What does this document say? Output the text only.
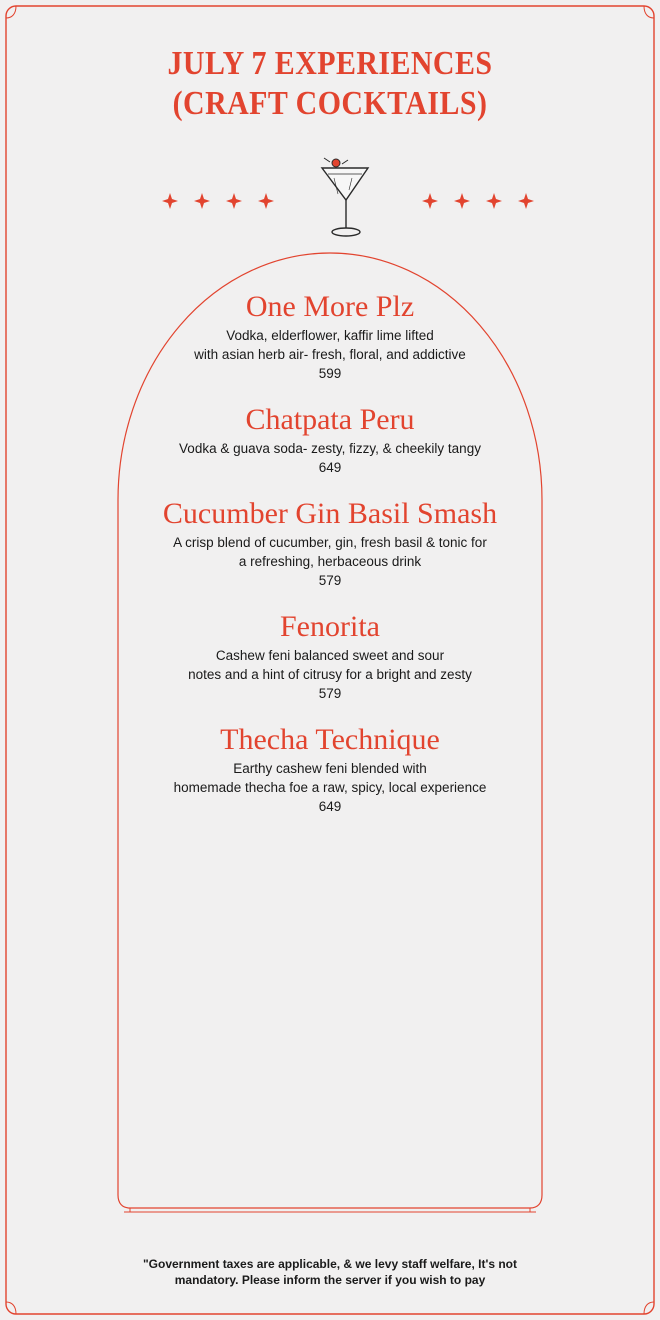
JULY 7 EXPERIENCES
(CRAFT COCKTAILS)
One More Plz
Vodka, elderflower, kaffir lime lifted
with asian herb air- fresh, floral, and addictive
599
Chatpata Peru
Vodka & guava soda- zesty, fizzy, & cheekily tangy
649
Cucumber Gin Basil Smash
A crisp blend of cucumber, gin, fresh basil & tonic for
a refreshing, herbaceous drink
579
Fenorita
Cashew feni balanced sweet and sour
notes and a hint of citrusy for a bright and zesty
579
Thecha Technique
Earthy cashew feni blended with
homemade thecha foe a raw, spicy, local experience
649
"Government taxes are applicable, & we levy staff welfare, It's not
mandatory. Please inform the server if you wish to pay
